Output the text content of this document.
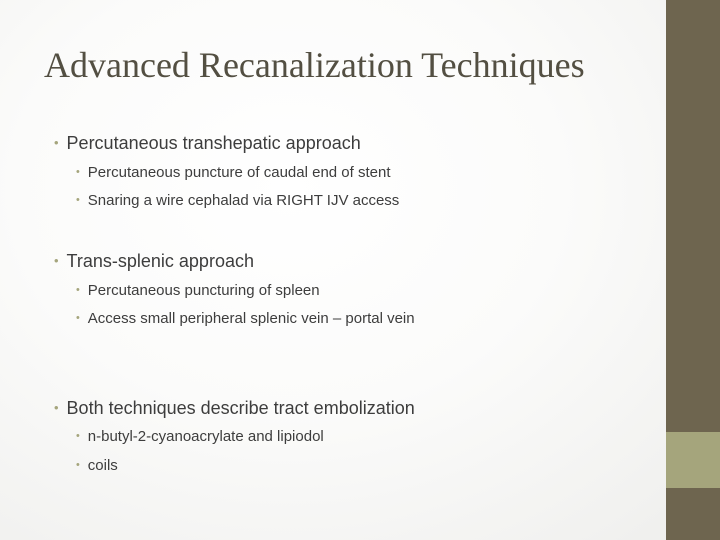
Advanced Recanalization Techniques
• Percutaneous transhepatic approach
• Percutaneous puncture of caudal end of stent
• Snaring a wire cephalad via RIGHT IJV access
• Trans-splenic approach
• Percutaneous puncturing of spleen
• Access small peripheral splenic vein – portal vein
• Both techniques describe tract embolization
• n-butyl-2-cyanoacrylate and lipiodol
• coils
